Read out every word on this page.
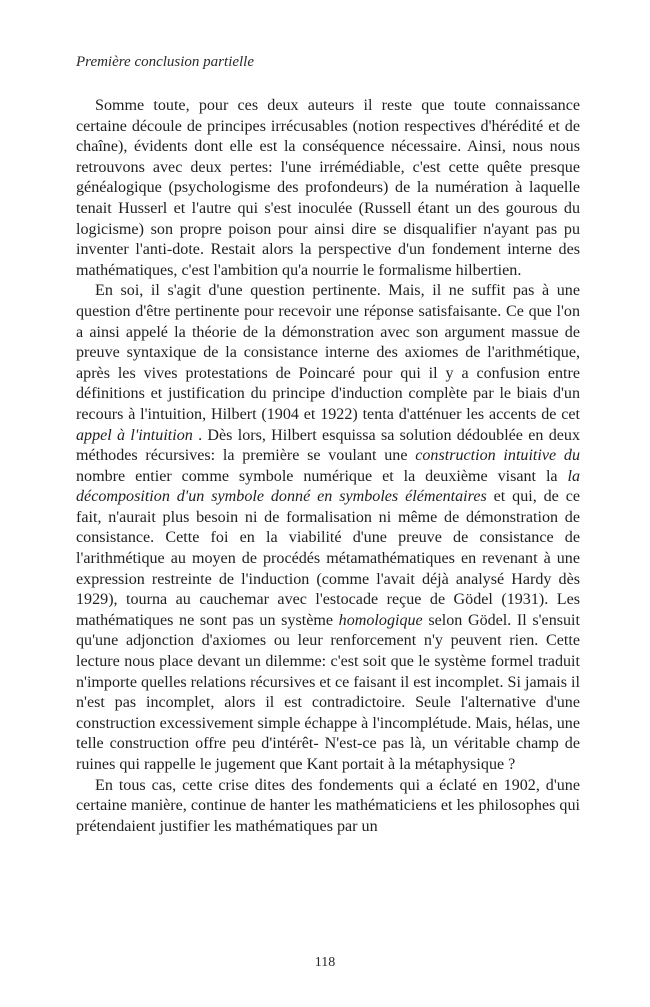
Première conclusion partielle

Somme toute, pour ces deux auteurs il reste que toute connaissance certaine découle de principes irrécusables (notion respectives d'hérédité et de chaîne), évidents dont elle est la conséquence nécessaire. Ainsi, nous nous retrouvons avec deux pertes: l'une irrémédiable, c'est cette quête presque généalogique (psychologisme des profondeurs) de la numération à laquelle tenait Husserl et l'autre qui s'est inoculée (Russell étant un des gourous du logicisme) son propre poison pour ainsi dire se disqualifier n'ayant pas pu inventer l'anti-dote. Restait alors la perspective d'un fondement interne des mathématiques, c'est l'ambition qu'a nourrie le formalisme hilbertien.

En soi, il s'agit d'une question pertinente. Mais, il ne suffit pas à une question d'être pertinente pour recevoir une réponse satisfaisante. Ce que l'on a ainsi appelé la théorie de la démonstration avec son argument massue de preuve syntaxique de la consistance interne des axiomes de l'arithmétique, après les vives protestations de Poincaré pour qui il y a confusion entre définitions et justification du principe d'induction complète par le biais d'un recours à l'intuition, Hilbert (1904 et 1922) tenta d'atténuer les accents de cet appel à l'intuition . Dès lors, Hilbert esquissa sa solution dédoublée en deux méthodes récursives: la première se voulant une construction intuitive du nombre entier comme symbole numérique et la deuxième visant la la décomposition d'un symbole donné en symboles élémentaires et qui, de ce fait, n'aurait plus besoin ni de formalisation ni même de démonstration de consistance. Cette foi en la viabilité d'une preuve de consistance de l'arithmétique au moyen de procédés métamathématiques en revenant à une expression restreinte de l'induction (comme l'avait déjà analysé Hardy dès 1929), tourna au cauchemar avec l'estocade reçue de Gödel (1931). Les mathématiques ne sont pas un système homologique selon Gödel. Il s'ensuit qu'une adjonction d'axiomes ou leur renforcement n'y peuvent rien. Cette lecture nous place devant un dilemme: c'est soit que le système formel traduit n'importe quelles relations récursives et ce faisant il est incomplet. Si jamais il n'est pas incomplet, alors il est contradictoire. Seule l'alternative d'une construction excessivement simple échappe à l'incomplétude. Mais, hélas, une telle construction offre peu d'intérêt- N'est-ce pas là, un véritable champ de ruines qui rappelle le jugement que Kant portait à la métaphysique ?

En tous cas, cette crise dites des fondements qui a éclaté en 1902, d'une certaine manière, continue de hanter les mathématiciens et les philosophes qui prétendaient justifier les mathématiques par un

118
